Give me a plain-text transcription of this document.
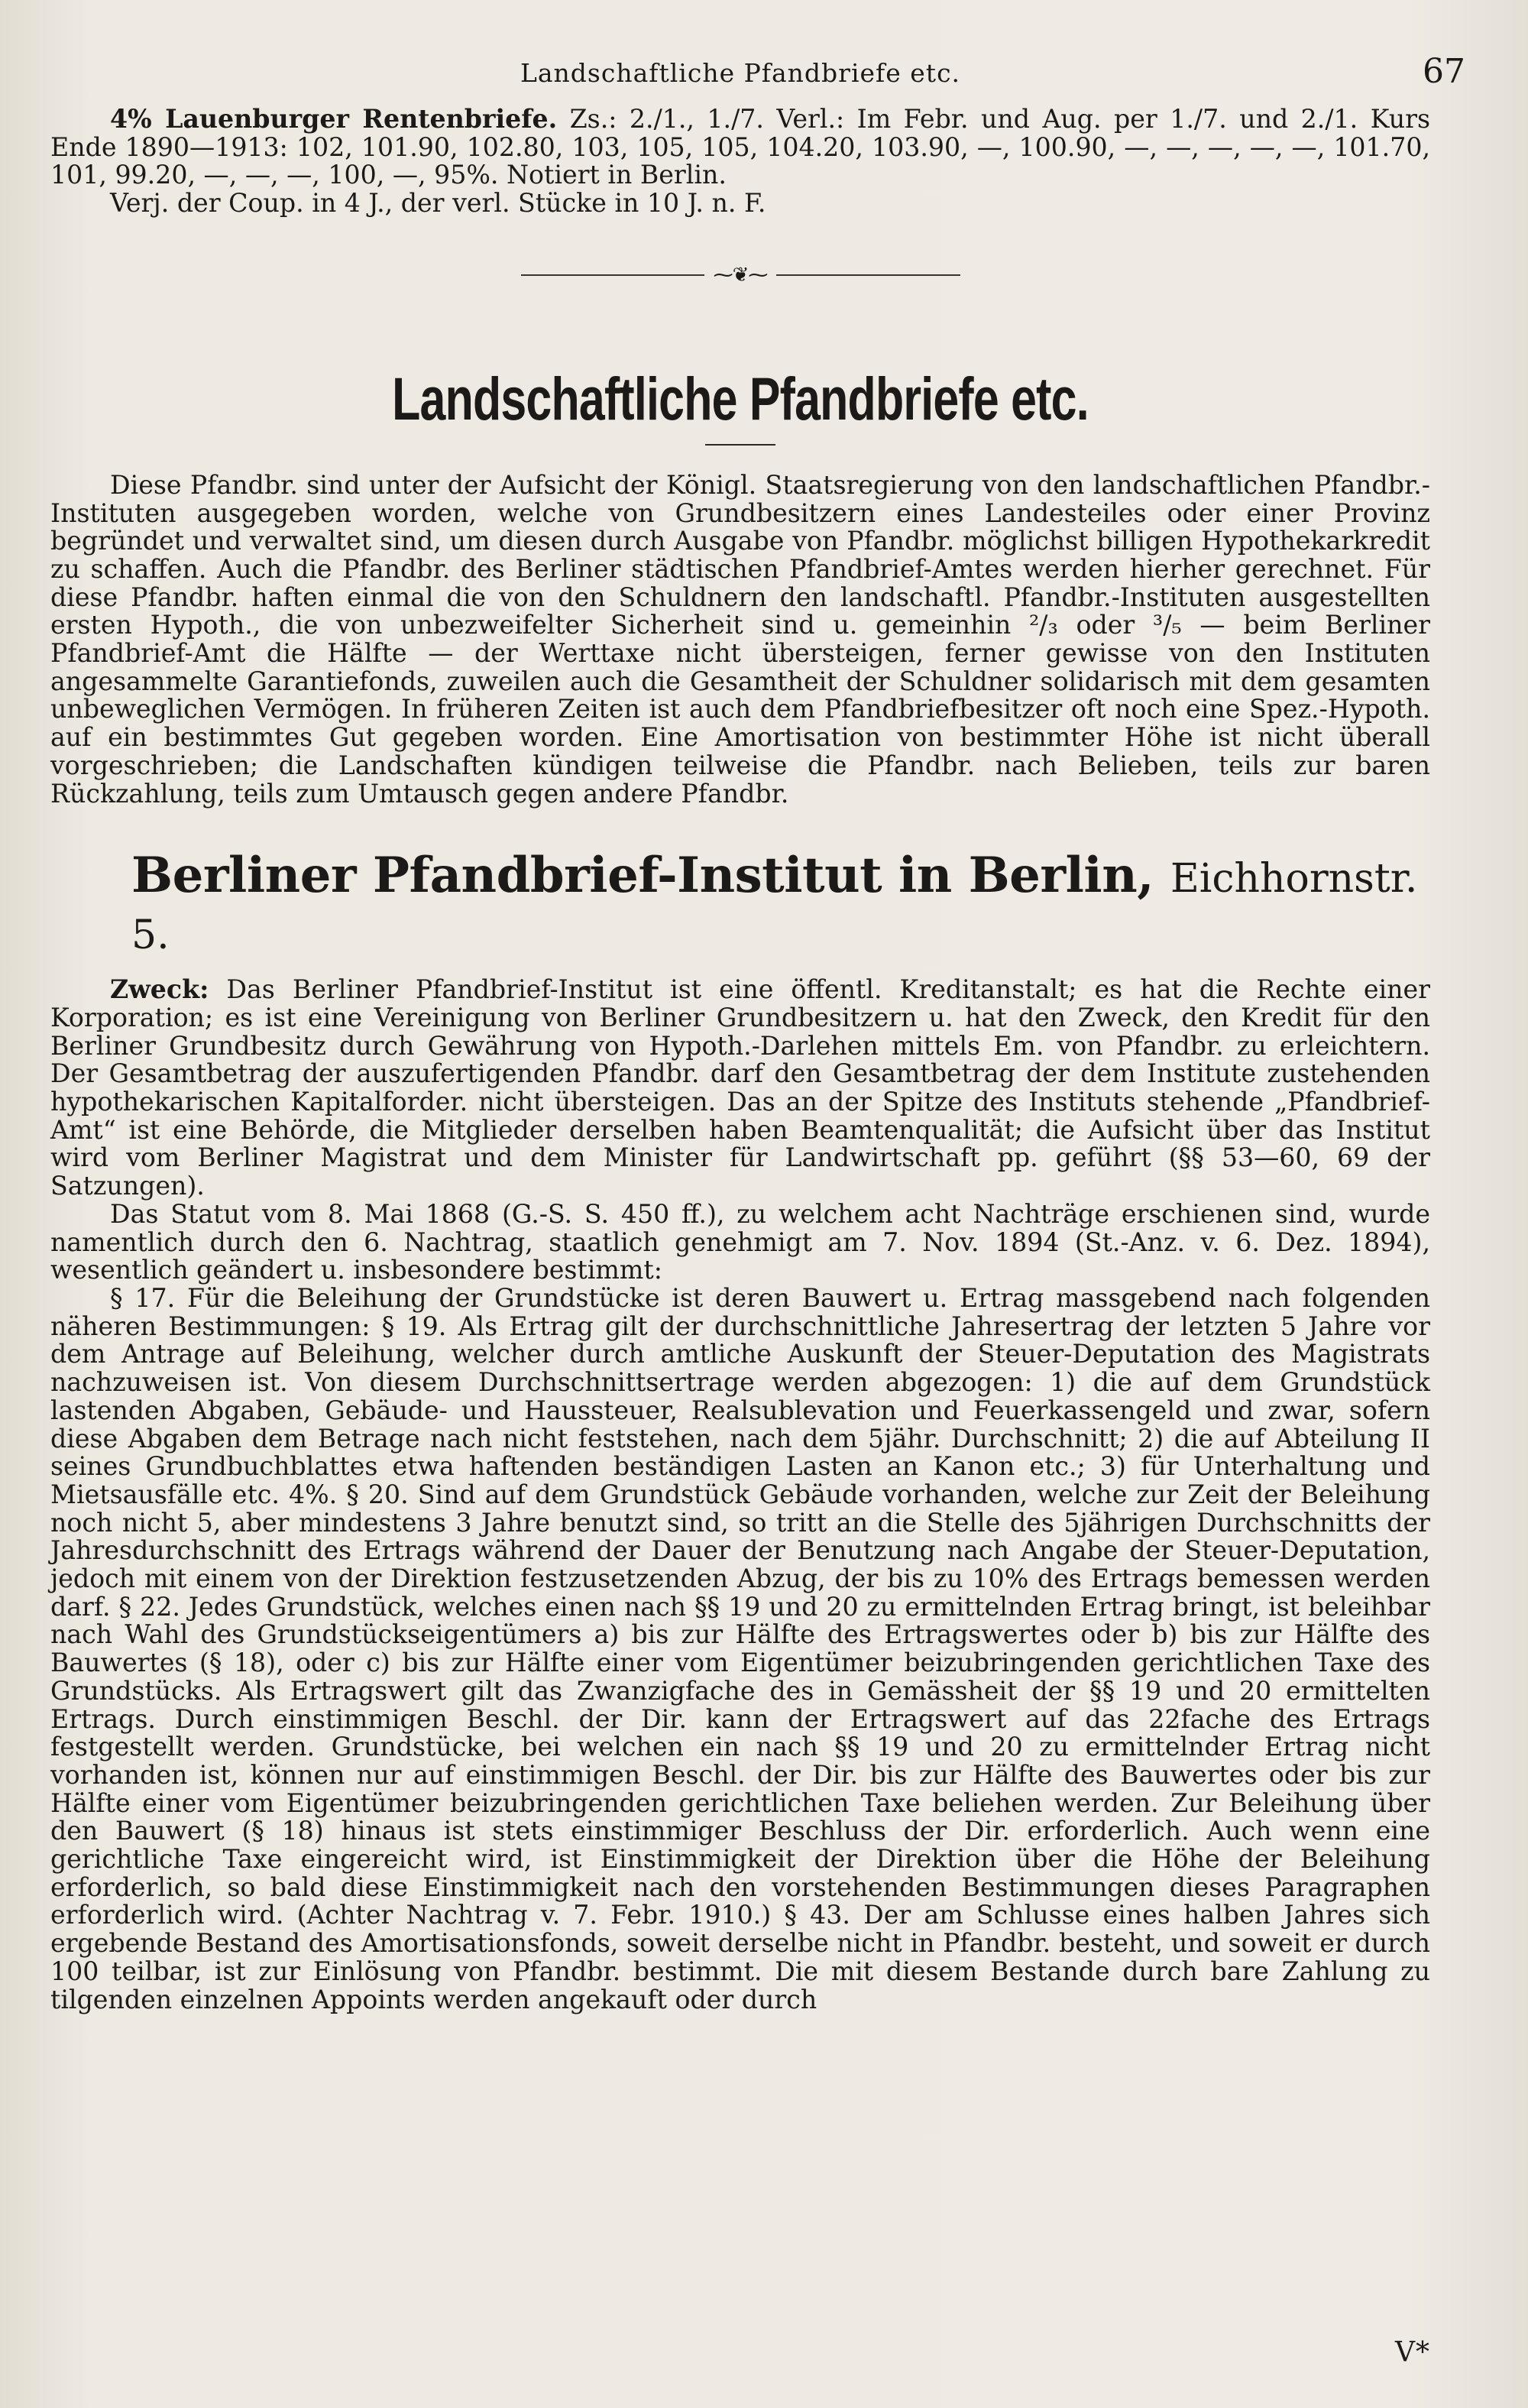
Landschaftliche Pfandbriefe etc.	67

4% Lauenburger Rentenbriefe. Zs.: 2./1., 1./7. Verl.: Im Febr. und Aug. per 1./7. und 2./1. Kurs Ende 1890—1913: 102, 101.90, 102.80, 103, 105, 105, 104.20, 103.90, —, 100.90, —, —, —, —, —, 101.70, 101, 99.20, —, —, —, 100, —, 95%. Notiert in Berlin.

Verj. der Coup. in 4 J., der verl. Stücke in 10 J. n. F.

⁓❦⁓
Landschaftliche Pfandbriefe etc.

Diese Pfandbr. sind unter der Aufsicht der Königl. Staatsregierung von den landschaftlichen Pfandbr.-Instituten ausgegeben worden, welche von Grundbesitzern eines Landesteiles oder einer Provinz begründet und verwaltet sind, um diesen durch Ausgabe von Pfandbr. möglichst billigen Hypothekarkredit zu schaffen. Auch die Pfandbr. des Berliner städtischen Pfandbrief-Amtes werden hierher gerechnet. Für diese Pfandbr. haften einmal die von den Schuldnern den landschaftl. Pfandbr.-Instituten ausgestellten ersten Hypoth., die von unbezweifelter Sicherheit sind u. gemeinhin ²/₃ oder ³/₅ — beim Berliner Pfandbrief-Amt die Hälfte — der Werttaxe nicht übersteigen, ferner gewisse von den Instituten angesammelte Garantiefonds, zuweilen auch die Gesamtheit der Schuldner solidarisch mit dem gesamten unbeweglichen Vermögen. In früheren Zeiten ist auch dem Pfandbriefbesitzer oft noch eine Spez.-Hypoth. auf ein bestimmtes Gut gegeben worden. Eine Amortisation von bestimmter Höhe ist nicht überall vorgeschrieben; die Landschaften kündigen teilweise die Pfandbr. nach Belieben, teils zur baren Rückzahlung, teils zum Umtausch gegen andere Pfandbr.

Berliner Pfandbrief-Institut in Berlin, Eichhornstr. 5.

Zweck: Das Berliner Pfandbrief-Institut ist eine öffentl. Kreditanstalt; es hat die Rechte einer Korporation; es ist eine Vereinigung von Berliner Grundbesitzern u. hat den Zweck, den Kredit für den Berliner Grundbesitz durch Gewährung von Hypoth.-Darlehen mittels Em. von Pfandbr. zu erleichtern. Der Gesamtbetrag der auszufertigenden Pfandbr. darf den Gesamtbetrag der dem Institute zustehenden hypothekarischen Kapitalforder. nicht übersteigen. Das an der Spitze des Instituts stehende „Pfandbrief-Amt“ ist eine Behörde, die Mitglieder derselben haben Beamtenqualität; die Aufsicht über das Institut wird vom Berliner Magistrat und dem Minister für Landwirtschaft pp. geführt (§§ 53—60, 69 der Satzungen).

Das Statut vom 8. Mai 1868 (G.-S. S. 450 ff.), zu welchem acht Nachträge erschienen sind, wurde namentlich durch den 6. Nachtrag, staatlich genehmigt am 7. Nov. 1894 (St.-Anz. v. 6. Dez. 1894), wesentlich geändert u. insbesondere bestimmt:

§ 17. Für die Beleihung der Grundstücke ist deren Bauwert u. Ertrag massgebend nach folgenden näheren Bestimmungen: § 19. Als Ertrag gilt der durchschnittliche Jahresertrag der letzten 5 Jahre vor dem Antrage auf Beleihung, welcher durch amtliche Auskunft der Steuer-Deputation des Magistrats nachzuweisen ist. Von diesem Durchschnittsertrage werden abgezogen: 1) die auf dem Grundstück lastenden Abgaben, Gebäude- und Haussteuer, Realsublevation und Feuerkassengeld und zwar, sofern diese Abgaben dem Betrage nach nicht feststehen, nach dem 5jähr. Durchschnitt; 2) die auf Abteilung II seines Grundbuchblattes etwa haftenden beständigen Lasten an Kanon etc.; 3) für Unterhaltung und Mietsausfälle etc. 4%. § 20. Sind auf dem Grundstück Gebäude vorhanden, welche zur Zeit der Beleihung noch nicht 5, aber mindestens 3 Jahre benutzt sind, so tritt an die Stelle des 5jährigen Durchschnitts der Jahresdurchschnitt des Ertrags während der Dauer der Benutzung nach Angabe der Steuer-Deputation, jedoch mit einem von der Direktion festzusetzenden Abzug, der bis zu 10% des Ertrags bemessen werden darf. § 22. Jedes Grundstück, welches einen nach §§ 19 und 20 zu ermittelnden Ertrag bringt, ist beleihbar nach Wahl des Grundstückseigentümers a) bis zur Hälfte des Ertragswertes oder b) bis zur Hälfte des Bauwertes (§ 18), oder c) bis zur Hälfte einer vom Eigentümer beizubringenden gerichtlichen Taxe des Grundstücks. Als Ertragswert gilt das Zwanzigfache des in Gemässheit der §§ 19 und 20 ermittelten Ertrags. Durch einstimmigen Beschl. der Dir. kann der Ertragswert auf das 22fache des Ertrags festgestellt werden. Grundstücke, bei welchen ein nach §§ 19 und 20 zu ermittelnder Ertrag nicht vorhanden ist, können nur auf einstimmigen Beschl. der Dir. bis zur Hälfte des Bauwertes oder bis zur Hälfte einer vom Eigentümer beizubringenden gerichtlichen Taxe beliehen werden. Zur Beleihung über den Bauwert (§ 18) hinaus ist stets einstimmiger Beschluss der Dir. erforderlich. Auch wenn eine gerichtliche Taxe eingereicht wird, ist Einstimmigkeit der Direktion über die Höhe der Beleihung erforderlich, so bald diese Einstimmigkeit nach den vorstehenden Bestimmungen dieses Paragraphen erforderlich wird. (Achter Nachtrag v. 7. Febr. 1910.) § 43. Der am Schlusse eines halben Jahres sich ergebende Bestand des Amortisationsfonds, soweit derselbe nicht in Pfandbr. besteht, und soweit er durch 100 teilbar, ist zur Einlösung von Pfandbr. bestimmt. Die mit diesem Bestande durch bare Zahlung zu tilgenden einzelnen Appoints werden angekauft oder durch

V*
